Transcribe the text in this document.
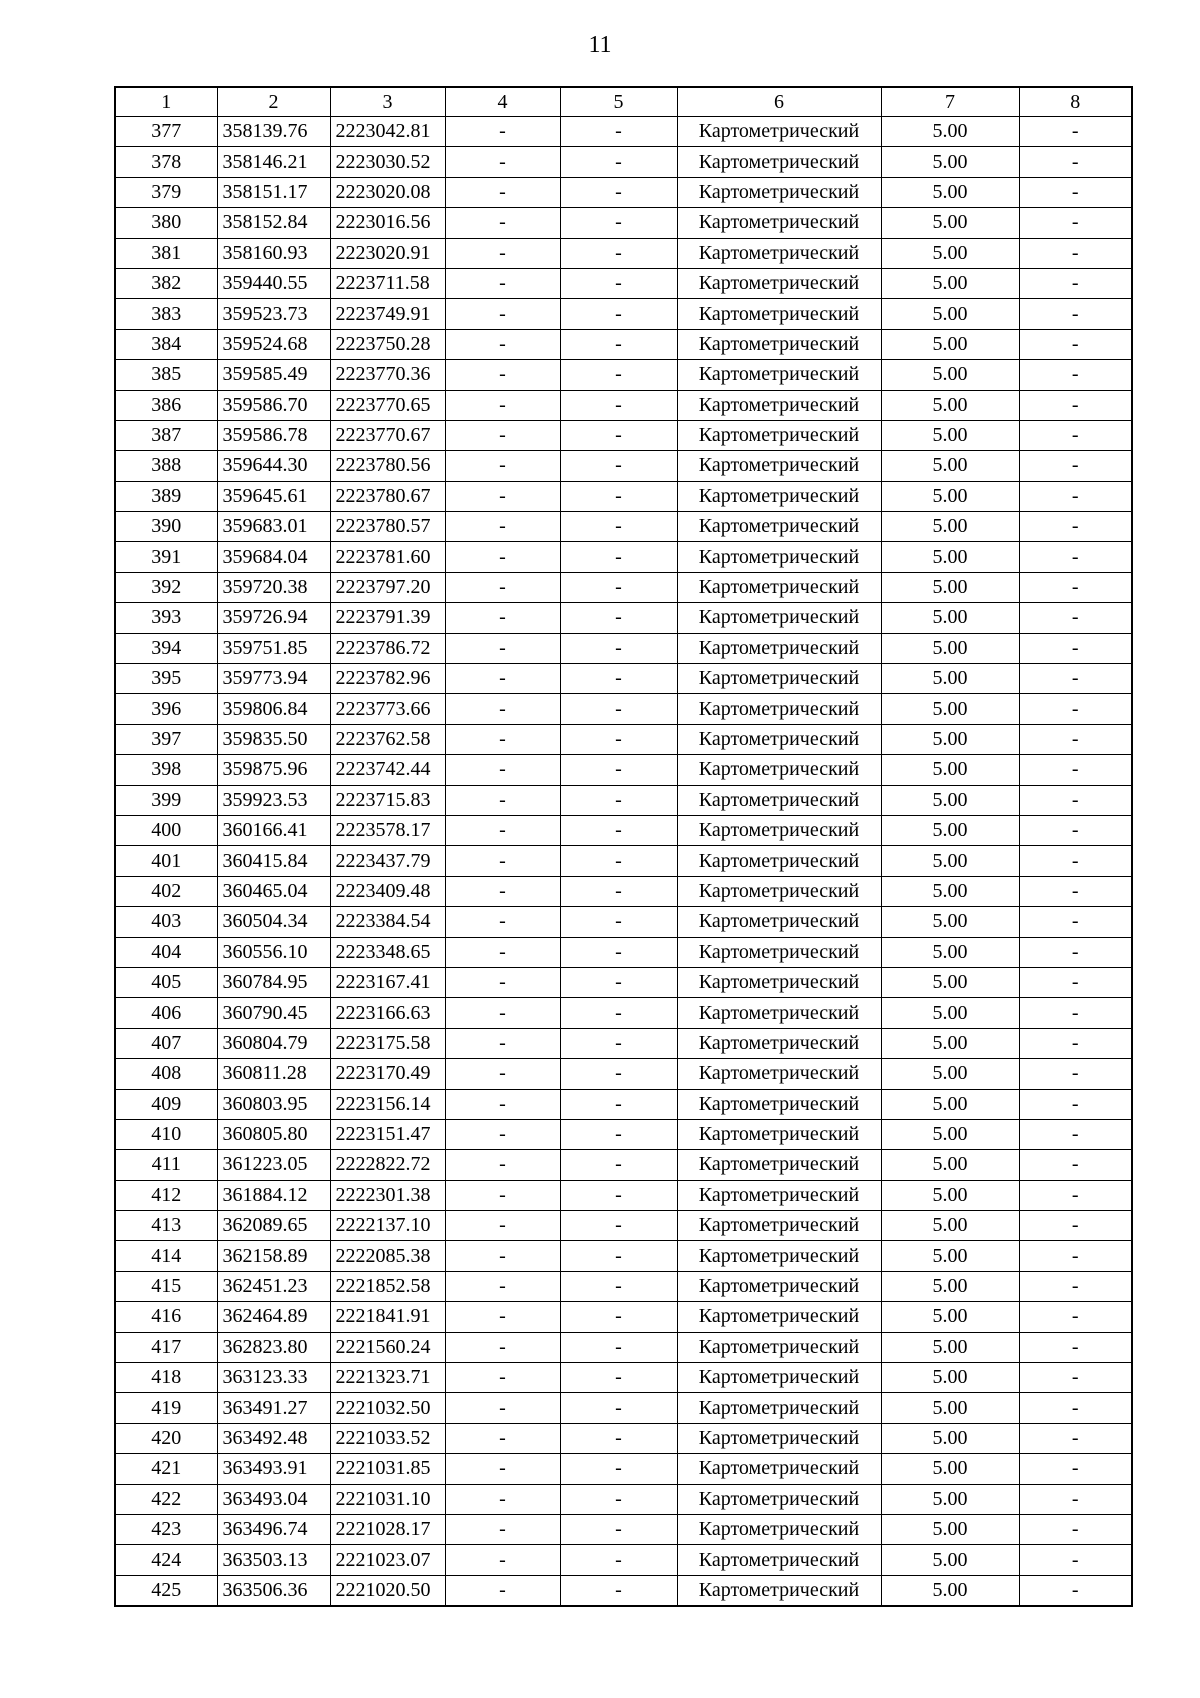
11
1	2	3	4	5	6	7	8
377	358139.76	2223042.81	-	-	Картометрический	5.00	-
378	358146.21	2223030.52	-	-	Картометрический	5.00	-
379	358151.17	2223020.08	-	-	Картометрический	5.00	-
380	358152.84	2223016.56	-	-	Картометрический	5.00	-
381	358160.93	2223020.91	-	-	Картометрический	5.00	-
382	359440.55	2223711.58	-	-	Картометрический	5.00	-
383	359523.73	2223749.91	-	-	Картометрический	5.00	-
384	359524.68	2223750.28	-	-	Картометрический	5.00	-
385	359585.49	2223770.36	-	-	Картометрический	5.00	-
386	359586.70	2223770.65	-	-	Картометрический	5.00	-
387	359586.78	2223770.67	-	-	Картометрический	5.00	-
388	359644.30	2223780.56	-	-	Картометрический	5.00	-
389	359645.61	2223780.67	-	-	Картометрический	5.00	-
390	359683.01	2223780.57	-	-	Картометрический	5.00	-
391	359684.04	2223781.60	-	-	Картометрический	5.00	-
392	359720.38	2223797.20	-	-	Картометрический	5.00	-
393	359726.94	2223791.39	-	-	Картометрический	5.00	-
394	359751.85	2223786.72	-	-	Картометрический	5.00	-
395	359773.94	2223782.96	-	-	Картометрический	5.00	-
396	359806.84	2223773.66	-	-	Картометрический	5.00	-
397	359835.50	2223762.58	-	-	Картометрический	5.00	-
398	359875.96	2223742.44	-	-	Картометрический	5.00	-
399	359923.53	2223715.83	-	-	Картометрический	5.00	-
400	360166.41	2223578.17	-	-	Картометрический	5.00	-
401	360415.84	2223437.79	-	-	Картометрический	5.00	-
402	360465.04	2223409.48	-	-	Картометрический	5.00	-
403	360504.34	2223384.54	-	-	Картометрический	5.00	-
404	360556.10	2223348.65	-	-	Картометрический	5.00	-
405	360784.95	2223167.41	-	-	Картометрический	5.00	-
406	360790.45	2223166.63	-	-	Картометрический	5.00	-
407	360804.79	2223175.58	-	-	Картометрический	5.00	-
408	360811.28	2223170.49	-	-	Картометрический	5.00	-
409	360803.95	2223156.14	-	-	Картометрический	5.00	-
410	360805.80	2223151.47	-	-	Картометрический	5.00	-
411	361223.05	2222822.72	-	-	Картометрический	5.00	-
412	361884.12	2222301.38	-	-	Картометрический	5.00	-
413	362089.65	2222137.10	-	-	Картометрический	5.00	-
414	362158.89	2222085.38	-	-	Картометрический	5.00	-
415	362451.23	2221852.58	-	-	Картометрический	5.00	-
416	362464.89	2221841.91	-	-	Картометрический	5.00	-
417	362823.80	2221560.24	-	-	Картометрический	5.00	-
418	363123.33	2221323.71	-	-	Картометрический	5.00	-
419	363491.27	2221032.50	-	-	Картометрический	5.00	-
420	363492.48	2221033.52	-	-	Картометрический	5.00	-
421	363493.91	2221031.85	-	-	Картометрический	5.00	-
422	363493.04	2221031.10	-	-	Картометрический	5.00	-
423	363496.74	2221028.17	-	-	Картометрический	5.00	-
424	363503.13	2221023.07	-	-	Картометрический	5.00	-
425	363506.36	2221020.50	-	-	Картометрический	5.00	-
